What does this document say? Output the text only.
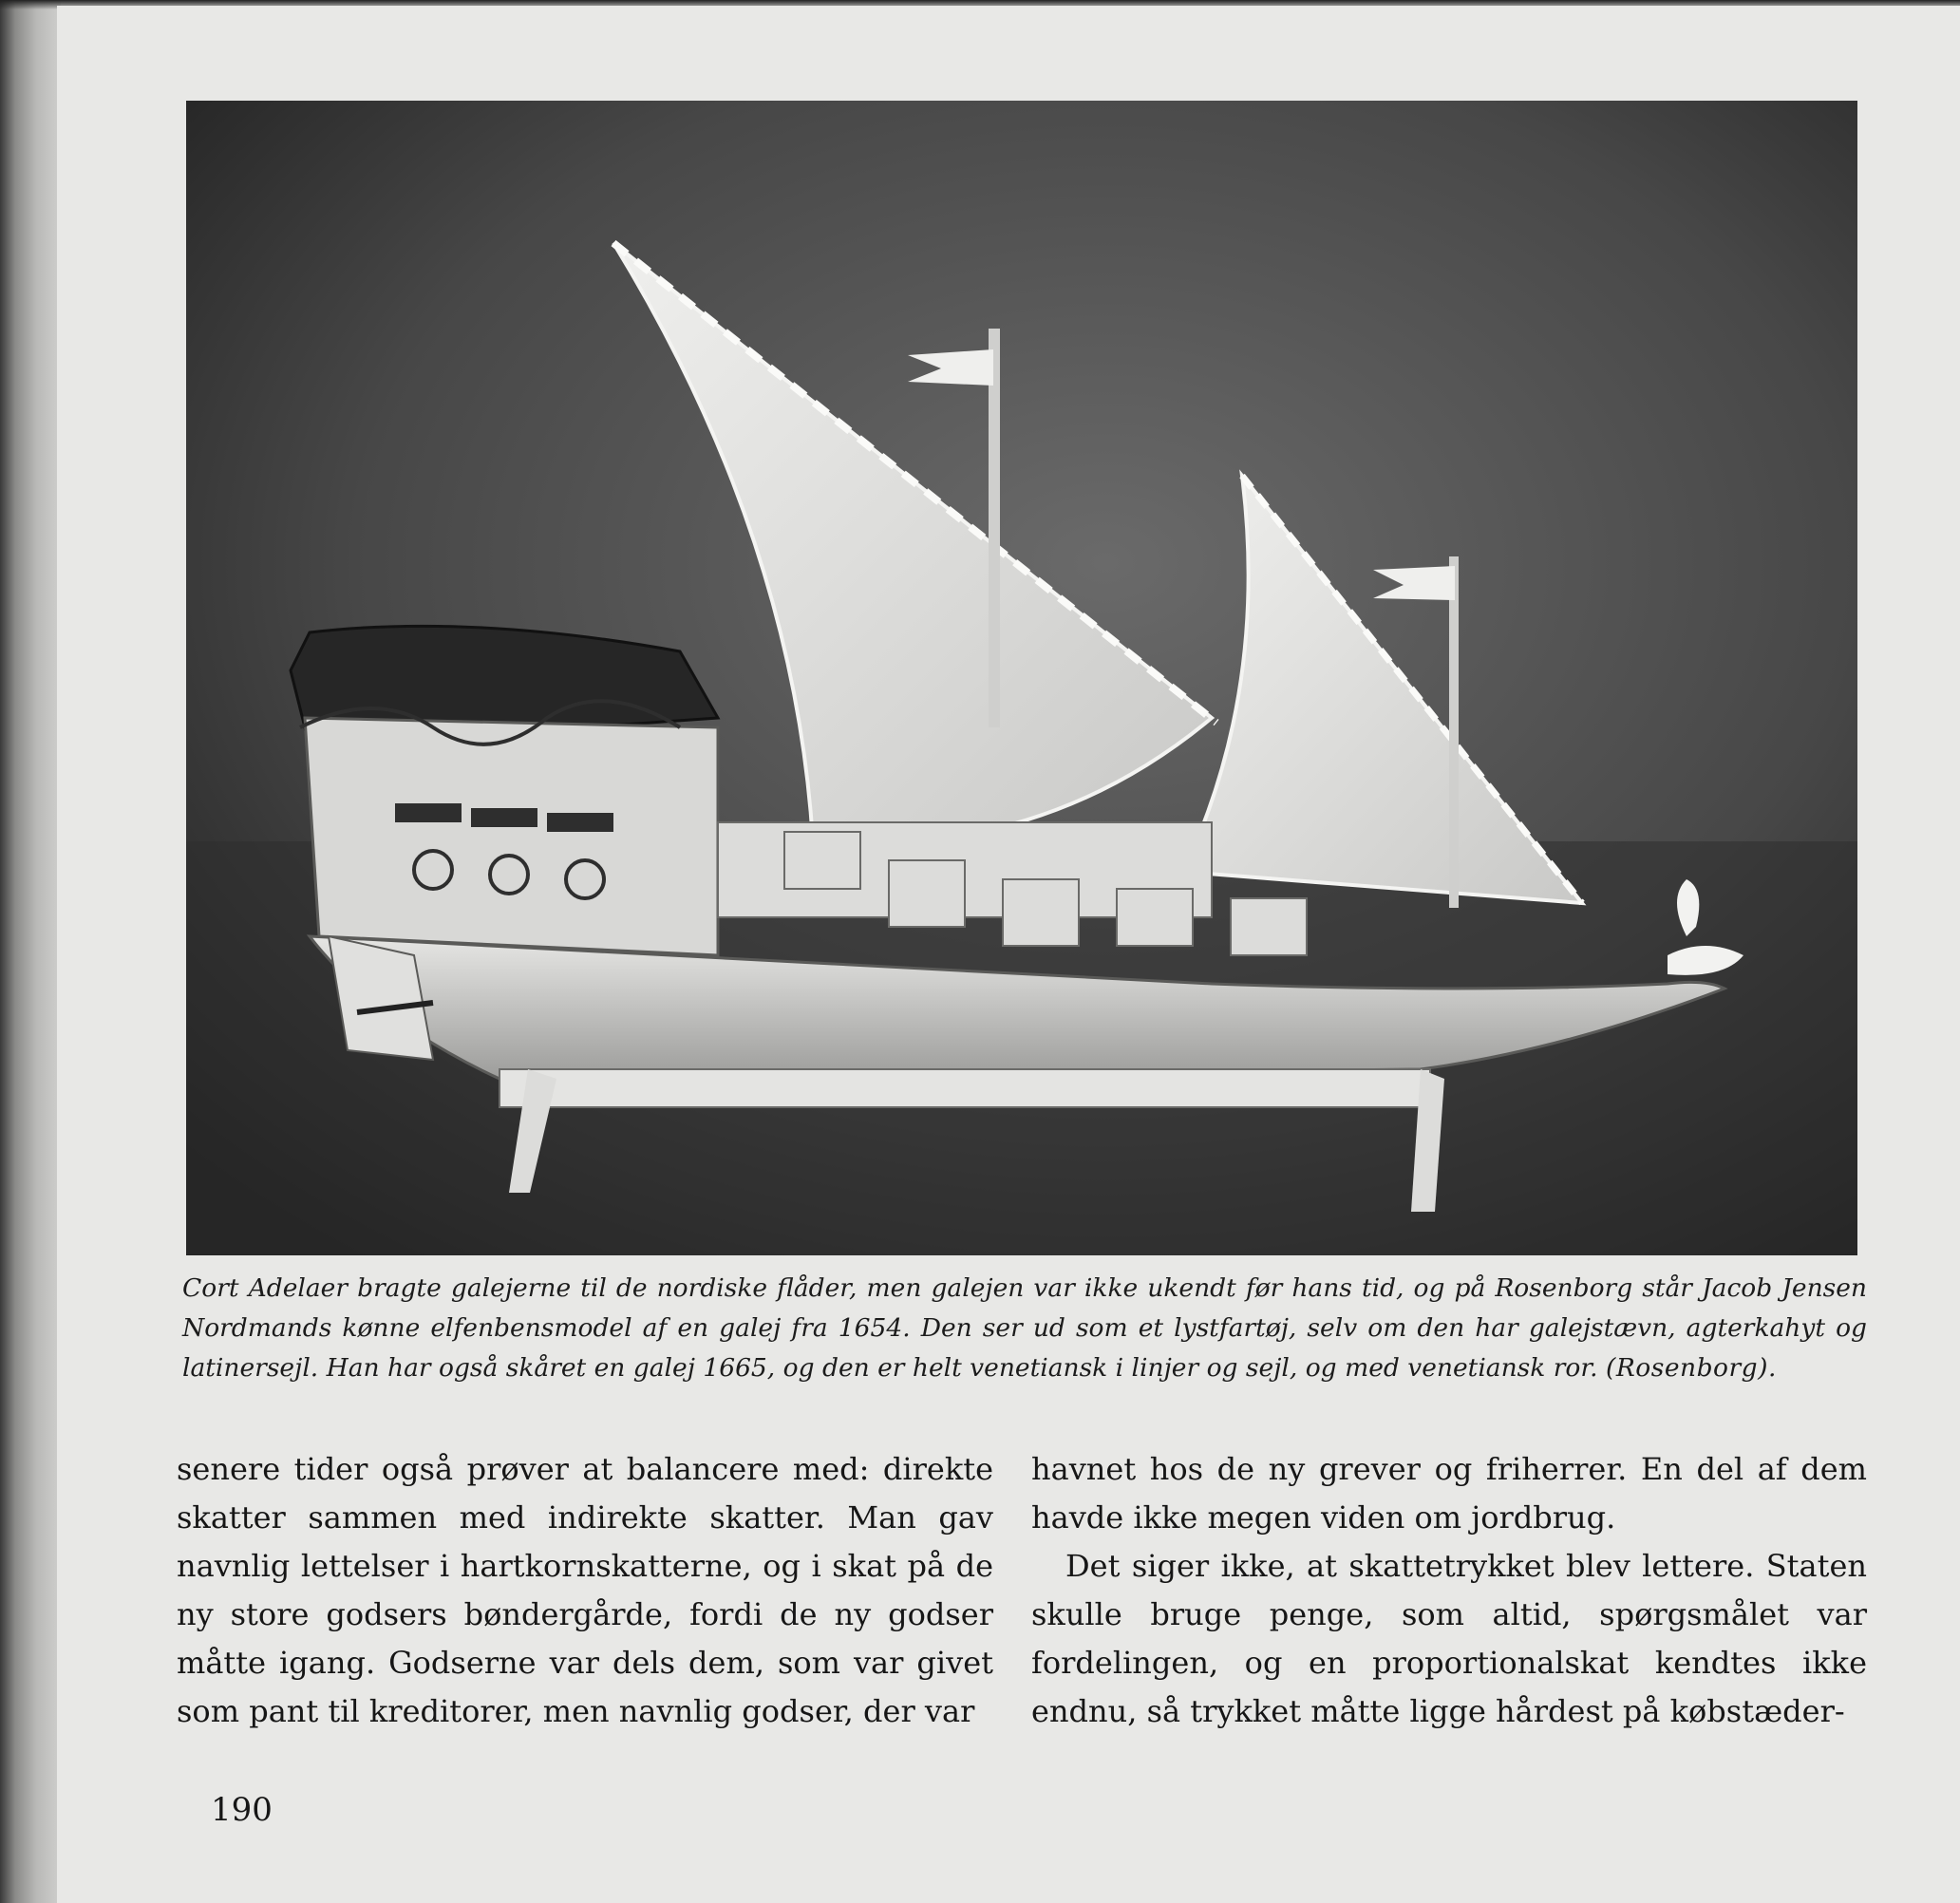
Cort Adelaer bragte galejerne til de nordiske flåder, men galejen var ikke ukendt før hans tid, og på Rosenborg står Jacob Jensen Nordmands kønne elfenbensmodel af en galej fra 1654. Den ser ud som et lystfartøj, selv om den har galejstævn, agterkahyt og latinersejl. Han har også skåret en galej 1665, og den er helt venetiansk i linjer og sejl, og med venetiansk ror. (Rosenborg).

senere tider også prøver at balancere med: direkte skatter sammen med indirekte skatter. Man gav navnlig lettelser i hartkornskatterne, og i skat på de ny store godsers bøndergårde, fordi de ny godser måtte igang. Godserne var dels dem, som var givet som pant til kreditorer, men navnlig godser, der var

havnet hos de ny grever og friherrer. En del af dem havde ikke megen viden om jordbrug.

Det siger ikke, at skattetrykket blev lettere. Staten skulle bruge penge, som altid, spørgsmålet var fordelingen, og en proportionalskat kendtes ikke endnu, så trykket måtte ligge hårdest på købstæder-

190
